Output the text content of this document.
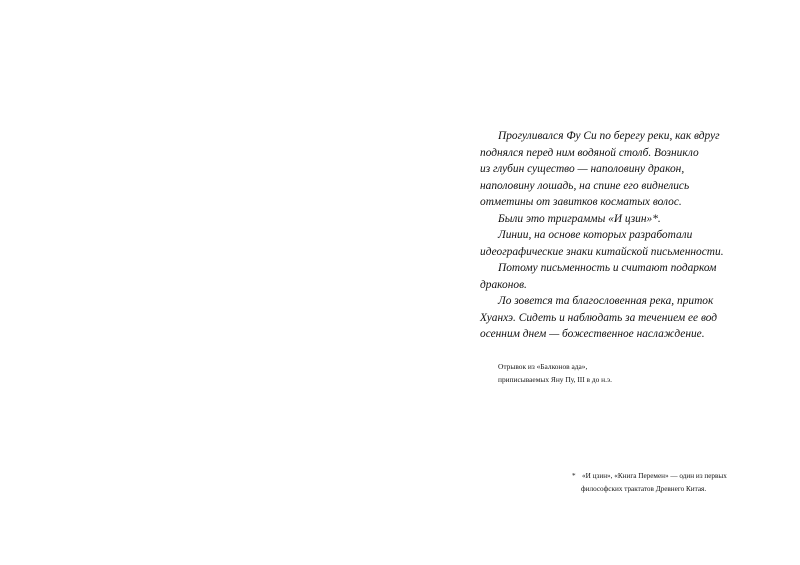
Прогуливался Фу Си по берегу реки, как вдруг

поднялся перед ним водяной столб. Возникло

из глубин существо — наполовину дракон,

наполовину лошадь, на спине его виднелись

отметины от завитков косматых волос.

Были это триграммы «И цзин»*.

Линии, на основе которых разработали

идеографические знаки китайской письменности.

Потому письменность и считают подарком

драконов.

Ло зовется та благословенная река, приток

Хуанхэ. Сидеть и наблюдать за течением ее вод

осенним днем — божественное наслаждение.

Отрывок из «Балконов ада»,

приписываемых Яну Пу, III в до н.э.

* «И цзин», «Книга Перемен» — один из первых

философских трактатов Древнего Китая.
